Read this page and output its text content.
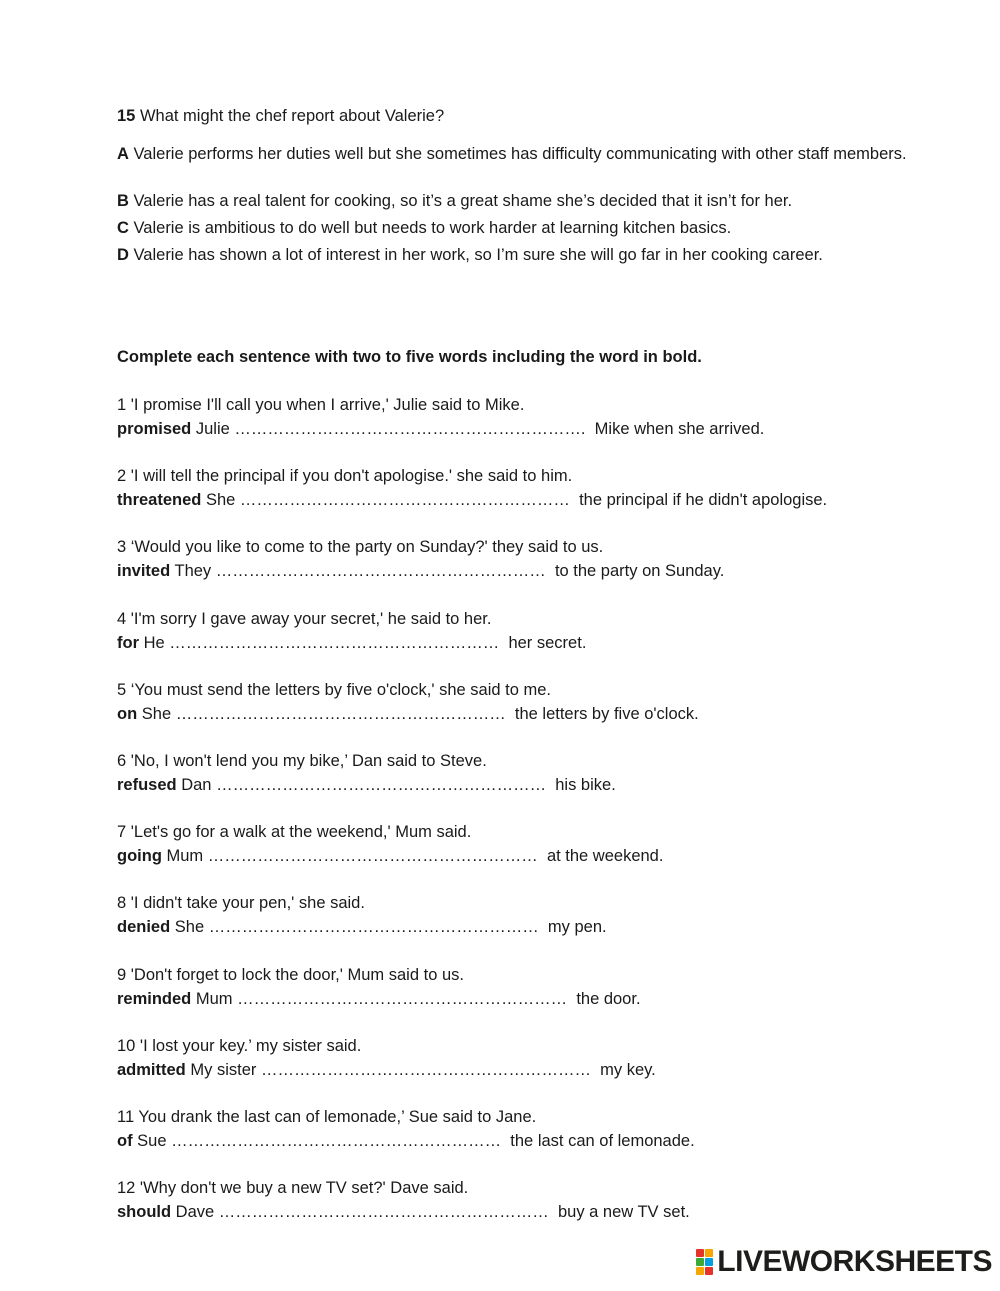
15 What might the chef report about Valerie?
A Valerie performs her duties well but she sometimes has difficulty communicating with other staff members.
B Valerie has a real talent for cooking, so it’s a great shame she’s decided that it isn’t for her.
C Valerie is ambitious to do well but needs to work harder at learning kitchen basics.
D Valerie has shown a lot of interest in her work, so I’m sure she will go far in her cooking career.
Complete each sentence with two to five words including the word in bold.
1 'I promise I'll call you when I arrive,' Julie said to Mike.
promised Julie ………………………………………………………. Mike when she arrived.
2 'I will tell the principal if you don't apologise.' she said to him.
threatened She …………………………………………………… the principal if he didn't apologise.
3 ‘Would you like to come to the party on Sunday?' they said to us.
invited They …………………………………………………… to the party on Sunday.
4 'I'm sorry I gave away your secret,' he said to her.
for He …………………………………………………… her secret.
5 ‘You must send the letters by five o'clock,' she said to me.
on She …………………………………………………… the letters by five o'clock.
6 'No, I won't lend you my bike,’ Dan said to Steve.
refused Dan …………………………………………………… his bike.
7 'Let's go for a walk at the weekend,' Mum said.
going Mum …………………………………………………… at the weekend.
8 'I didn't take your pen,' she said.
denied She …………………………………………………… my pen.
9 'Don't forget to lock the door,' Mum said to us.
reminded Mum …………………………………………………… the door.
10 'I lost your key.’ my sister said.
admitted My sister …………………………………………………… my key.
11 You drank the last can of lemonade,’ Sue said to Jane.
of Sue …………………………………………………… the last can of lemonade.
12 'Why don't we buy a new TV set?' Dave said.
should Dave …………………………………………………… buy a new TV set.
LIVEWORKSHEETS
